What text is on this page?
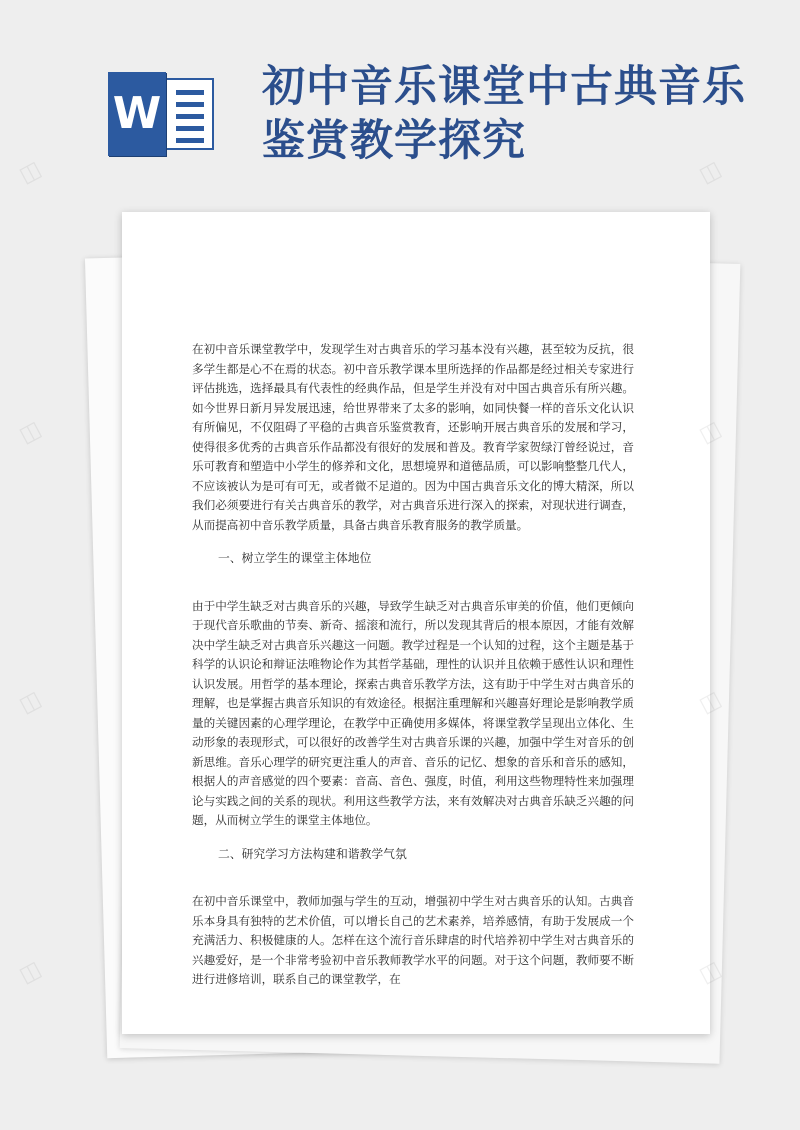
W
初中音乐课堂中古典音乐鉴赏教学探究

在初中音乐课堂教学中，发现学生对古典音乐的学习基本没有兴趣，甚至较为反抗，很多学生都是心不在焉的状态。初中音乐教学课本里所选择的作品都是经过相关专家进行评估挑选，选择最具有代表性的经典作品，但是学生并没有对中国古典音乐有所兴趣。如今世界日新月异发展迅速，给世界带来了太多的影响，如同快餐一样的音乐文化认识有所偏见，不仅阻碍了平稳的古典音乐鉴赏教育，还影响开展古典音乐的发展和学习，使得很多优秀的古典音乐作品都没有很好的发展和普及。教育学家贺绿汀曾经说过，音乐可教育和塑造中小学生的修养和文化，思想境界和道德品质，可以影响整整几代人，不应该被认为是可有可无，或者微不足道的。因为中国古典音乐文化的博大精深，所以我们必须要进行有关古典音乐的教学，对古典音乐进行深入的探索，对现状进行调查，从而提高初中音乐教学质量，具备古典音乐教育服务的教学质量。

一、树立学生的课堂主体地位

由于中学生缺乏对古典音乐的兴趣，导致学生缺乏对古典音乐审美的价值，他们更倾向于现代音乐歌曲的节奏、新奇、摇滚和流行，所以发现其背后的根本原因，才能有效解决中学生缺乏对古典音乐兴趣这一问题。教学过程是一个认知的过程，这个主题是基于科学的认识论和辩证法唯物论作为其哲学基础，理性的认识并且依赖于感性认识和理性认识发展。用哲学的基本理论，探索古典音乐教学方法，这有助于中学生对古典音乐的理解，也是掌握古典音乐知识的有效途径。根据注重理解和兴趣喜好理论是影响教学质量的关键因素的心理学理论，在教学中正确使用多媒体，将课堂教学呈现出立体化、生动形象的表现形式，可以很好的改善学生对古典音乐课的兴趣，加强中学生对音乐的创新思维。音乐心理学的研究更注重人的声音、音乐的记忆、想象的音乐和音乐的感知，根据人的声音感觉的四个要素：音高、音色、强度，时值，利用这些物理特性来加强理论与实践之间的关系的现状。利用这些教学方法，来有效解决对古典音乐缺乏兴趣的问题，从而树立学生的课堂主体地位。

二、研究学习方法构建和谐教学气氛

在初中音乐课堂中，教师加强与学生的互动，增强初中学生对古典音乐的认知。古典音乐本身具有独特的艺术价值，可以增长自己的艺术素养，培养感情，有助于发展成一个充满活力、积极健康的人。怎样在这个流行音乐肆虐的时代培养初中学生对古典音乐的兴趣爱好，是一个非常考验初中音乐教师教学水平的问题。对于这个问题，教师要不断进行进修培训，联系自己的课堂教学，在

◫
◫
◫
◫
◫
